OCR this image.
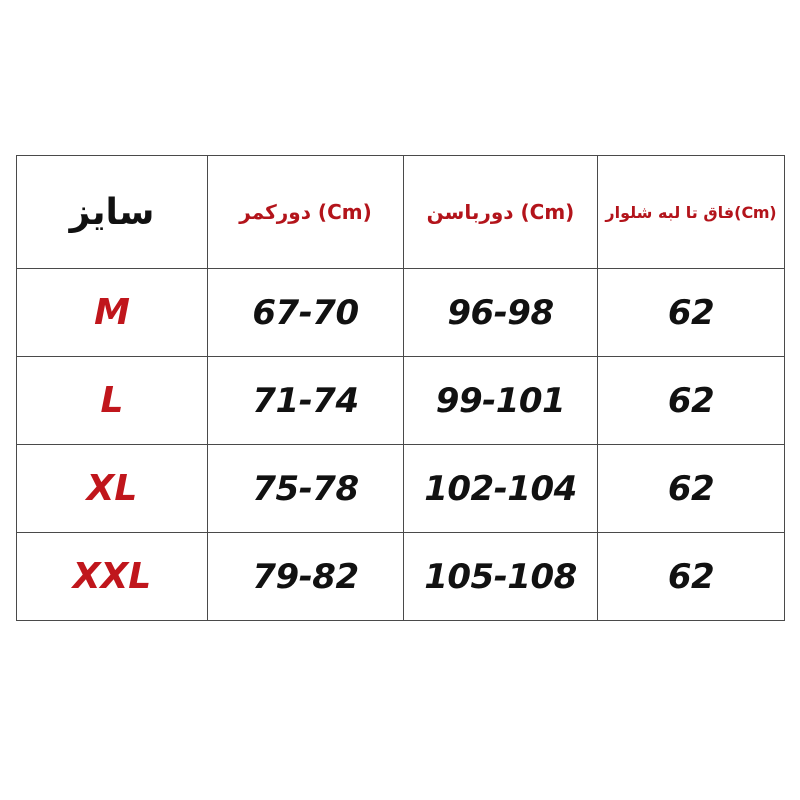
سایز	دورکمر (Cm)	دورباسن (Cm)	فاق تا لبه شلوار(Cm)
M	67-70	96-98	62
L	71-74	99-101	62
XL	75-78	102-104	62
XXL	79-82	105-108	62
